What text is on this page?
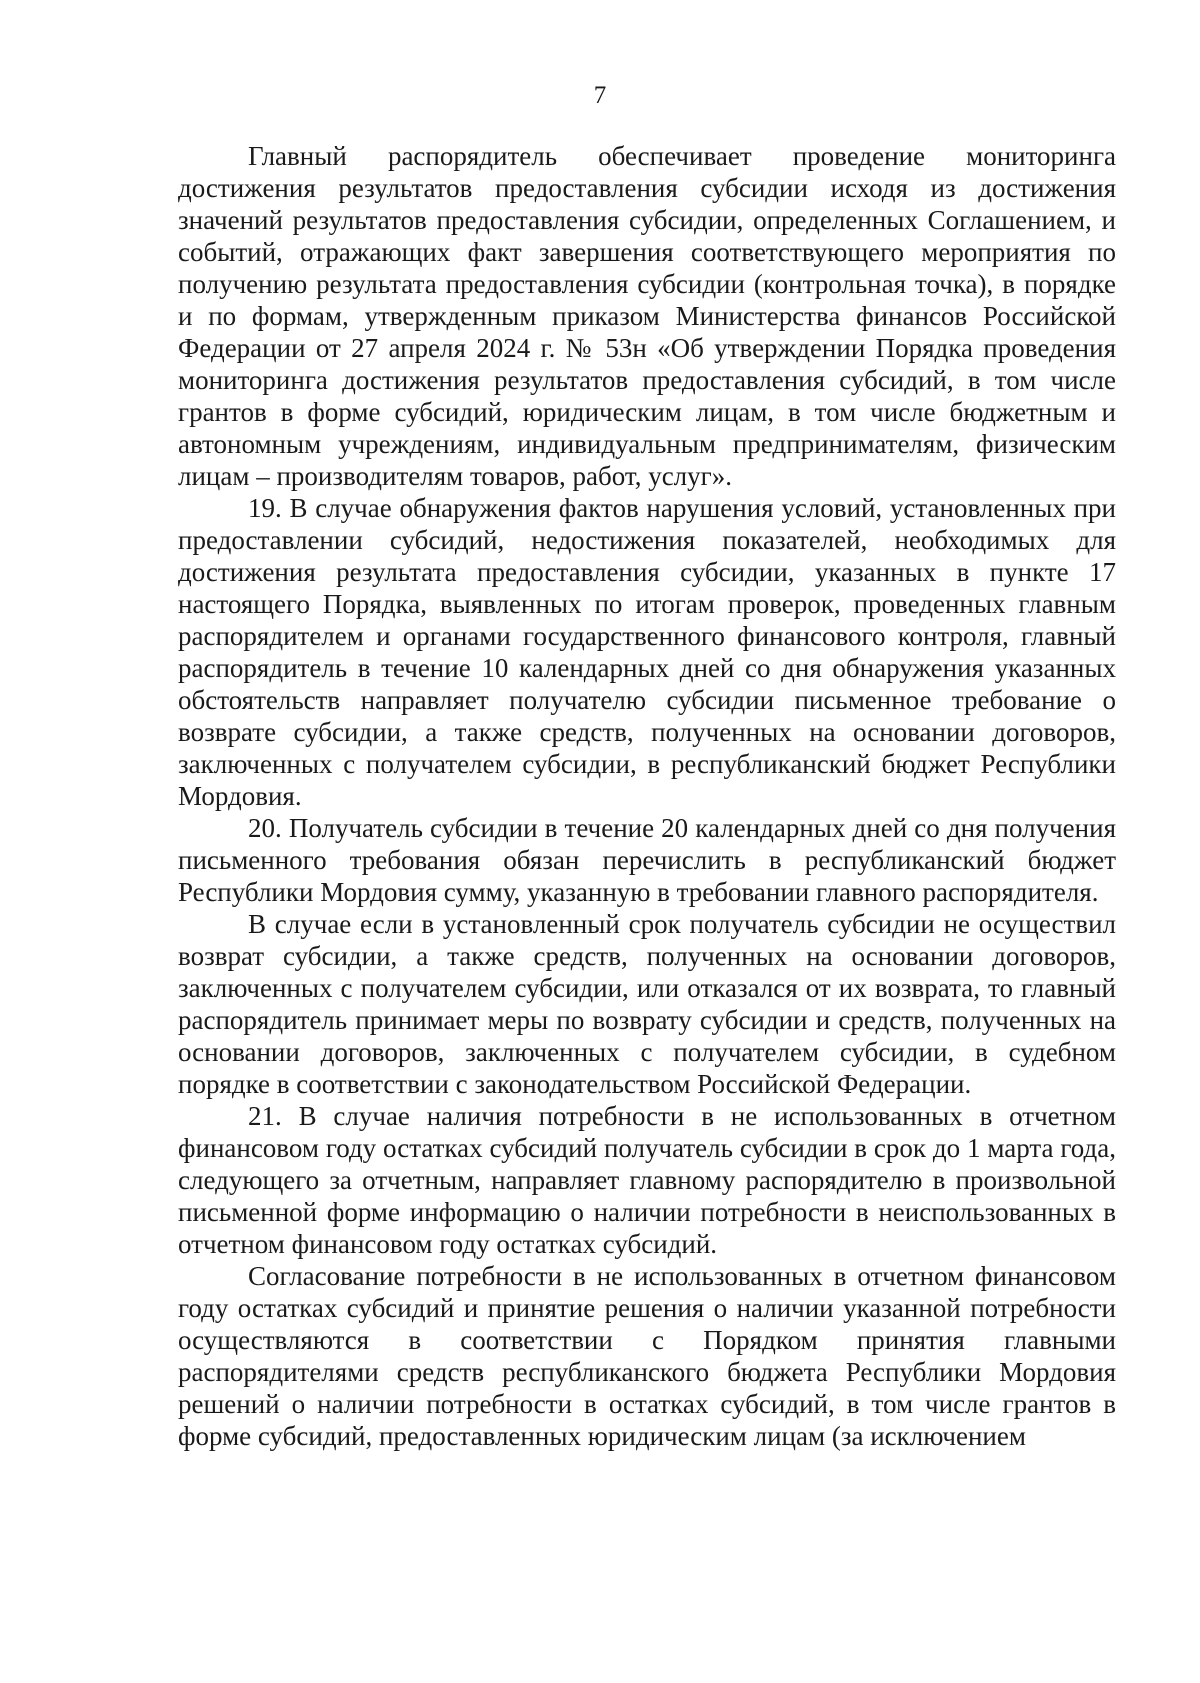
7

Главный распорядитель обеспечивает проведение мониторинга достижения результатов предоставления субсидии исходя из достижения значений результатов предоставления субсидии, определенных Соглашением, и событий, отражающих факт завершения соответствующего мероприятия по получению результата предоставления субсидии (контрольная точка), в порядке и по формам, утвержденным приказом Министерства финансов Российской Федерации от 27 апреля 2024 г. № 53н «Об утверждении Порядка проведения мониторинга достижения результатов предоставления субсидий, в том числе грантов в форме субсидий, юридическим лицам, в том числе бюджетным и автономным учреждениям, индивидуальным предпринимателям, физическим лицам – производителям товаров, работ, услуг».

19. В случае обнаружения фактов нарушения условий, установленных при предоставлении субсидий, недостижения показателей, необходимых для достижения результата предоставления субсидии, указанных в пункте 17 настоящего Порядка, выявленных по итогам проверок, проведенных главным распорядителем и органами государственного финансового контроля, главный распорядитель в течение 10 календарных дней со дня обнаружения указанных обстоятельств направляет получателю субсидии письменное требование о возврате субсидии, а также средств, полученных на основании договоров, заключенных с получателем субсидии, в республиканский бюджет Республики Мордовия.

20. Получатель субсидии в течение 20 календарных дней со дня получения письменного требования обязан перечислить в республиканский бюджет Республики Мордовия сумму, указанную в требовании главного распорядителя.

В случае если в установленный срок получатель субсидии не осуществил возврат субсидии, а также средств, полученных на основании договоров, заключенных с получателем субсидии, или отказался от их возврата, то главный распорядитель принимает меры по возврату субсидии и средств, полученных на основании договоров, заключенных с получателем субсидии, в судебном порядке в соответствии с законодательством Российской Федерации.

21. В случае наличия потребности в не использованных в отчетном финансовом году остатках субсидий получатель субсидии в срок до 1 марта года, следующего за отчетным, направляет главному распорядителю в произвольной письменной форме информацию о наличии потребности в неиспользованных в отчетном финансовом году остатках субсидий.

Согласование потребности в не использованных в отчетном финансовом году остатках субсидий и принятие решения о наличии указанной потребности осуществляются в соответствии с Порядком принятия главными распорядителями средств республиканского бюджета Республики Мордовия решений о наличии потребности в остатках субсидий, в том числе грантов в форме субсидий, предоставленных юридическим лицам (за исключением
